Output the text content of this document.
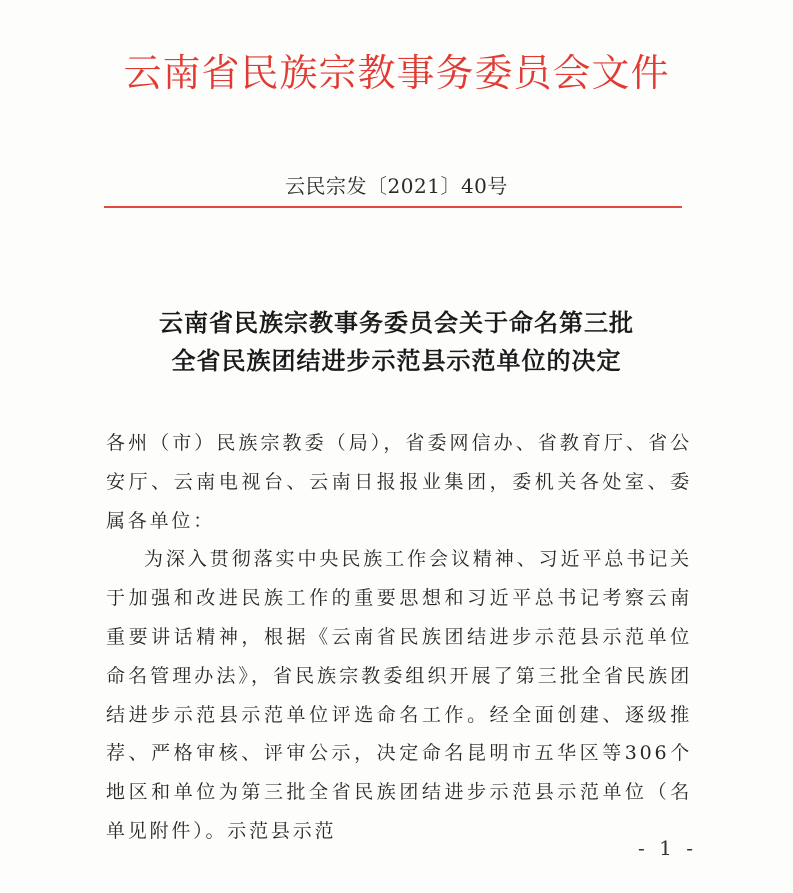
云南省民族宗教事务委员会文件
云民宗发〔2021〕40号
云南省民族宗教事务委员会关于命名第三批
全省民族团结进步示范县示范单位的决定

各州（市）民族宗教委（局），省委网信办、省教育厅、省公安厅、云南电视台、云南日报报业集团，委机关各处室、委属各单位：

为深入贯彻落实中央民族工作会议精神、习近平总书记关于加强和改进民族工作的重要思想和习近平总书记考察云南重要讲话精神，根据《云南省民族团结进步示范县示范单位命名管理办法》，省民族宗教委组织开展了第三批全省民族团结进步示范县示范单位评选命名工作。经全面创建、逐级推荐、严格审核、评审公示，决定命名昆明市五华区等306个地区和单位为第三批全省民族团结进步示范县示范单位（名单见附件）。示范县示范

- 1 -
